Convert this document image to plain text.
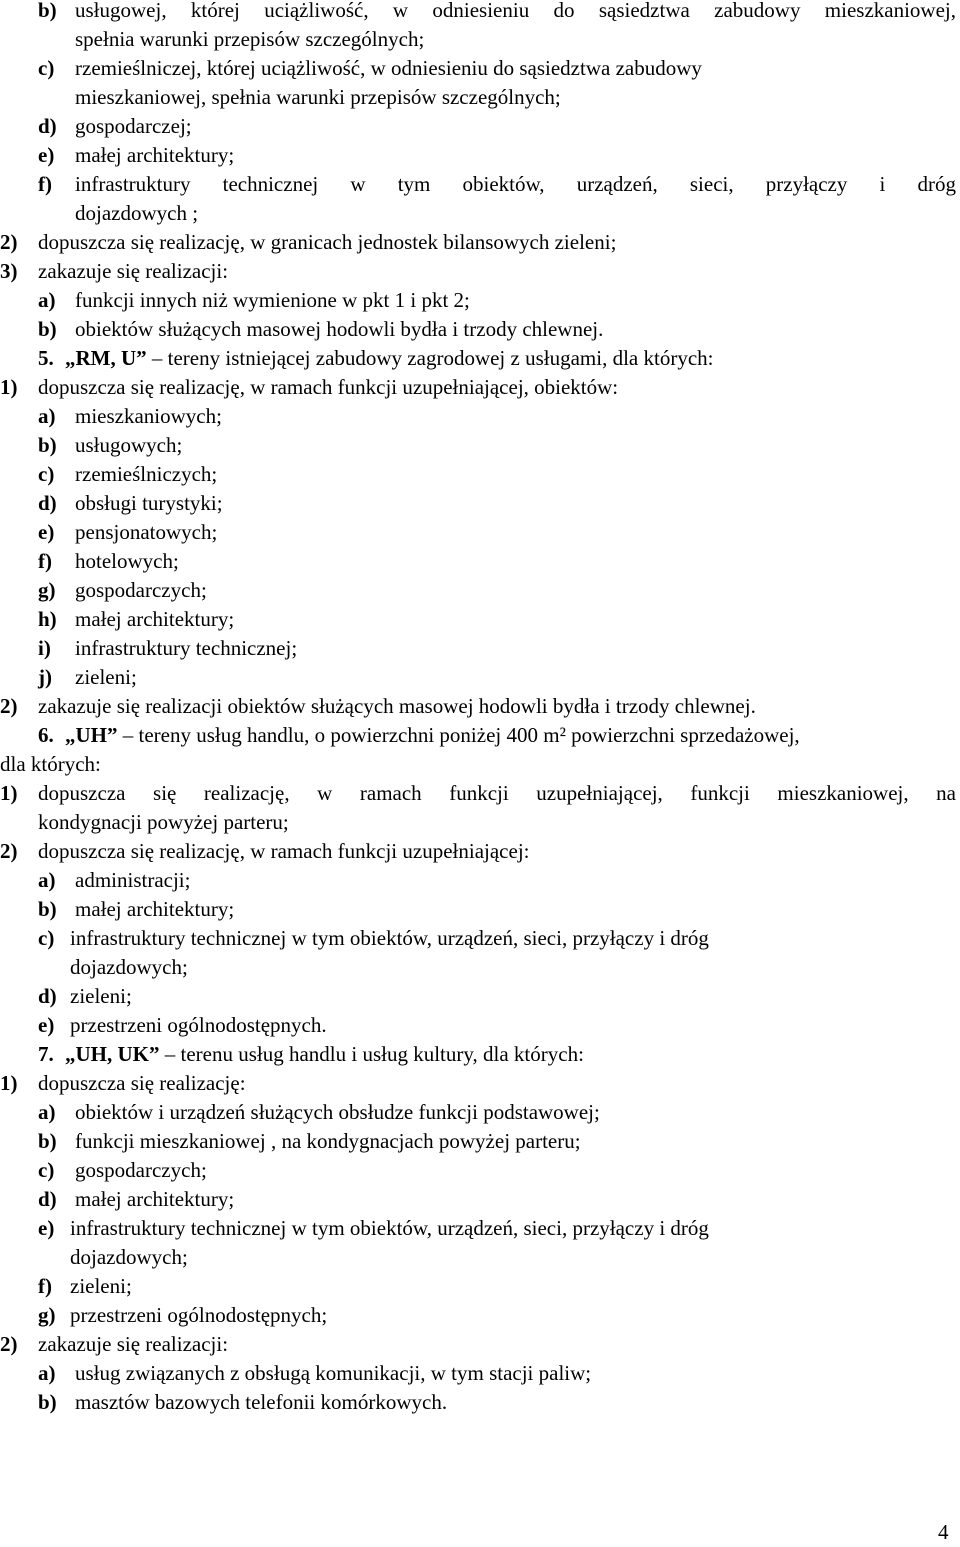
b) usługowej, której uciążliwość, w odniesieniu do sąsiedztwa zabudowy mieszkaniowej,
spełnia warunki przepisów szczególnych;
c) rzemieślniczej, której uciążliwość, w odniesieniu do sąsiedztwa zabudowy
mieszkaniowej, spełnia warunki przepisów szczególnych;
d) gospodarczej;
e) małej architektury;
f) infrastruktury technicznej w tym obiektów, urządzeń, sieci, przyłączy i dróg
dojazdowych ;
2) dopuszcza się realizację, w granicach jednostek bilansowych zieleni;
3) zakazuje się realizacji:
a) funkcji innych niż wymienione w pkt 1 i pkt 2;
b) obiektów służących masowej hodowli bydła i trzody chlewnej.
5. „RM, U” – tereny istniejącej zabudowy zagrodowej z usługami, dla których:
1) dopuszcza się realizację, w ramach funkcji uzupełniającej, obiektów:
a) mieszkaniowych;
b) usługowych;
c) rzemieślniczych;
d) obsługi turystyki;
e) pensjonatowych;
f) hotelowych;
g) gospodarczych;
h) małej architektury;
i) infrastruktury technicznej;
j) zieleni;
2) zakazuje się realizacji obiektów służących masowej hodowli bydła i trzody chlewnej.
6. „UH” – tereny usług handlu, o powierzchni poniżej 400 m² powierzchni sprzedażowej,
dla których:
1) dopuszcza się realizację, w ramach funkcji uzupełniającej, funkcji mieszkaniowej, na
kondygnacji powyżej parteru;
2) dopuszcza się realizację, w ramach funkcji uzupełniającej:
a) administracji;
b) małej architektury;
c) infrastruktury technicznej w tym obiektów, urządzeń, sieci, przyłączy i dróg
dojazdowych;
d) zieleni;
e) przestrzeni ogólnodostępnych.
7. „UH, UK” – terenu usług handlu i usług kultury, dla których:
1) dopuszcza się realizację:
a) obiektów i urządzeń służących obsłudze funkcji podstawowej;
b) funkcji mieszkaniowej , na kondygnacjach powyżej parteru;
c) gospodarczych;
d) małej architektury;
e) infrastruktury technicznej w tym obiektów, urządzeń, sieci, przyłączy i dróg
dojazdowych;
f) zieleni;
g) przestrzeni ogólnodostępnych;
2) zakazuje się realizacji:
a) usług związanych z obsługą komunikacji, w tym stacji paliw;
b) masztów bazowych telefonii komórkowych.
4
